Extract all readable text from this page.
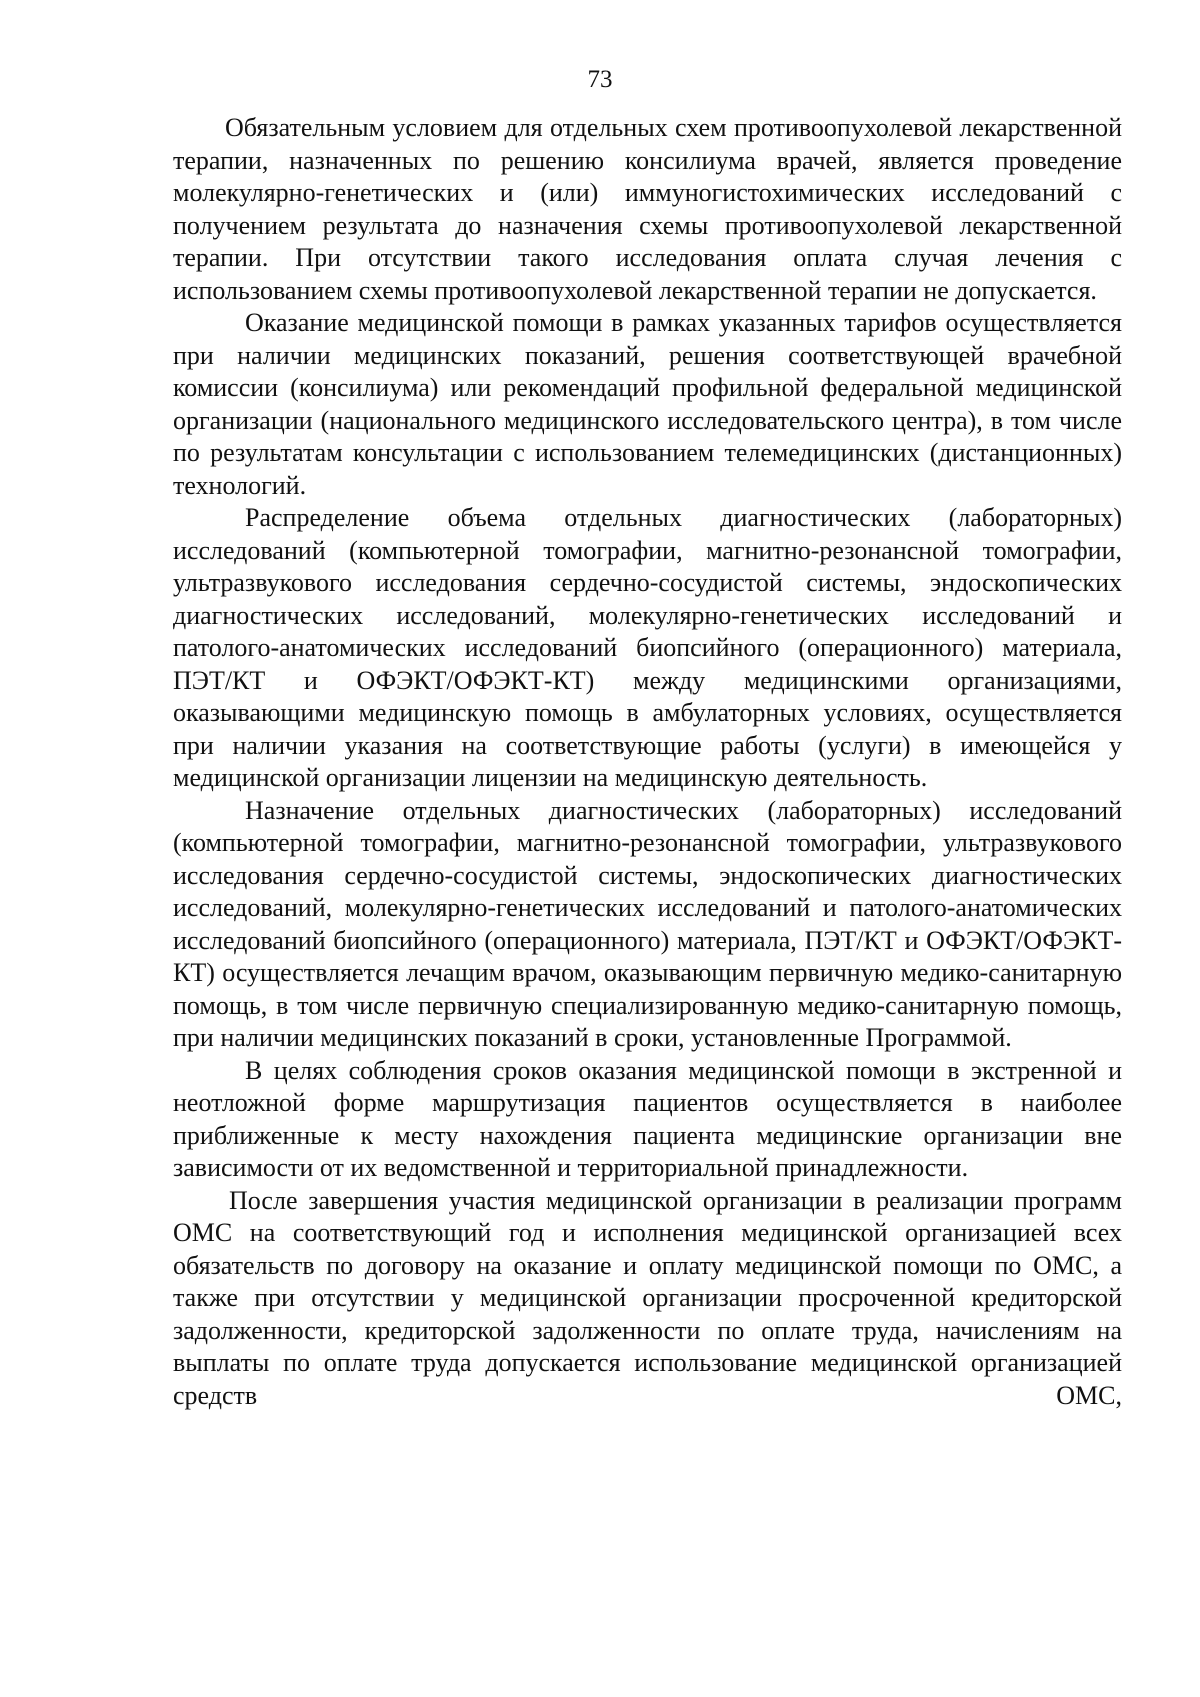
73

Обязательным условием для отдельных схем противоопухолевой лекарственной терапии, назначенных по решению консилиума врачей, является проведение молекулярно-генетических и (или) иммуногистохимических исследований с получением результата до назначения схемы противоопухолевой лекарственной терапии. При отсутствии такого исследования оплата случая лечения с использованием схемы противоопухолевой лекарственной терапии не допускается.

Оказание медицинской помощи в рамках указанных тарифов осуществляется при наличии медицинских показаний, решения соответствующей врачебной комиссии (консилиума) или рекомендаций профильной федеральной медицинской организации (национального медицинского исследовательского центра), в том числе по результатам консультации с использованием телемедицинских (дистанционных) технологий.

Распределение объема отдельных диагностических (лабораторных) исследований (компьютерной томографии, магнитно-резонансной томографии, ультразвукового исследования сердечно-сосудистой системы, эндоскопических диагностических исследований, молекулярно-генетических исследований и патолого-анатомических исследований биопсийного (операционного) материала, ПЭТ/КТ и ОФЭКТ/ОФЭКТ-КТ) между медицинскими организациями, оказывающими медицинскую помощь в амбулаторных условиях, осуществляется при наличии указания на соответствующие работы (услуги) в имеющейся у медицинской организации лицензии на медицинскую деятельность.

Назначение отдельных диагностических (лабораторных) исследований (компьютерной томографии, магнитно-резонансной томографии, ультразвукового исследования сердечно-сосудистой системы, эндоскопических диагностических исследований, молекулярно-генетических исследований и патолого-анатомических исследований биопсийного (операционного) материала, ПЭТ/КТ и ОФЭКТ/ОФЭКТ-КТ) осуществляется лечащим врачом, оказывающим первичную медико-санитарную помощь, в том числе первичную специализированную медико-санитарную помощь, при наличии медицинских показаний в сроки, установленные Программой.

В целях соблюдения сроков оказания медицинской помощи в экстренной и неотложной форме маршрутизация пациентов осуществляется в наиболее приближенные к месту нахождения пациента медицинские организации вне зависимости от их ведомственной и территориальной принадлежности.

После завершения участия медицинской организации в реализации программ ОМС на соответствующий год и исполнения медицинской организацией всех обязательств по договору на оказание и оплату медицинской помощи по ОМС, а также при отсутствии у медицинской организации просроченной кредиторской задолженности, кредиторской задолженности по оплате труда, начислениям на выплаты по оплате труда допускается использование медицинской организацией средств ОМС,
